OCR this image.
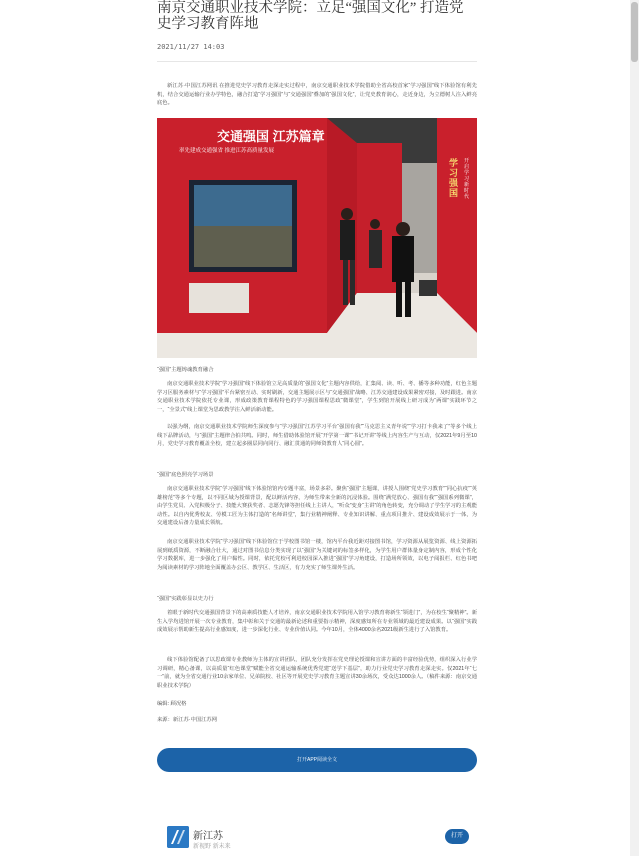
南京交通职业技术学院：立足“强国文化” 打造党史学习教育阵地
2021/11/27 14:03

新江苏·中国江苏网讯 在推进党史学习教育走深走实过程中，南京交通职业技术学院借助全省高校首家“学习强国”线下体验馆有利先机，结合交通运输行业办学特色，融合打造“学习强国”与“交通强国”叠加的“强国文化”，让党史教育润心，走近身边，为立德树人注入鲜亮底色。

交通强国 江苏篇章
率先建成交通强省 推进江苏高质量发展
学习强国
开启学习新时代
“强国”主题铸魂教育融合

南京交通职业技术学院“学习强国”线下体验馆立足高质量的“强国文化”主题内容供给，汇集阅、读、听、考、播等多种功能，红色主题学习区服务素材与“学习强国”平台紧密互动、实时刷新，交通主题展示区与“交通强国”战略、江苏交通建设成果紧密对接，及时跟进。南京交通职业技术学院依托专业课，形成政策教育课程特色的学习强国课程思政“微课堂”，学生到馆开展线上研习成为“两课”实践环节之一，“全景式”线上课堂为思政教学注入鲜活新动能。

以强为纲，南京交通职业技术学院师生深度参与“学习强国”江苏学习平台“强国有我”“马克思主义青年说”“学习打卡我来了”等多个线上线下品牌活动，与“强国”主题律合拍共鸣。同时，师生借助体验馆开展“开学第一课”“书记开讲”等线上内容生产与互动，仅2021年9月至10月，党史学习教育覆盖全校，建立起多圈层同向同行、融汇贯通的同师资教育人“同心圆”。

“强国”底色照亮学习场景

南京交通职业技术学院“学习强国”线下体验馆馆内专题丰富，场景多彩。聚焦“强国”主题课，讲授人围绕“党史学习教育”“同心抗疫”“英雄榜范”等多个专题，以不同区域为授课背景，配以鲜活内容，为师生带来全新的沉浸体验。围绕“满党放心、强国有我”“强国系列微课”，由学生党员、入党积极分子、技能大赛获奖者、志愿先锋等担任线上主讲人，“听众”变身“主讲”的角色转变，充分调动了学生学习的主观能动性。以自内优秀校友、劳模工匠为主体打造的“名师讲堂”，集行业精神阐释、专业知识讲解、重点项目推介、建设成效展示于一体，为交通建设后备力量成长领航。

南京交通职业技术学院“学习强国”线下体验馆位于学校图书馆一楼，馆内平台我近距对接图书馆，学习资源从展览资源、线上资源拓展到纸质资源，不断融合壮大，通过对图书信息分类实现了以“强国”为关键词的标签多样化，为学生用户群体量身定制内容，形成个性化学习数据库，进一步强化了用户黏性。同时，依托党校可利进校园深入推进“强国”学习角建设，打造场所领效，以电子阅报栏、红色书吧为阅读素材的学习阵地全面覆盖办公区、教学区、生活区，有力充实了师生课外生活。

“强国”实践彰显以史力行

着眼于新时代交通强国背景下的高素质技能人才培养，南京交通职业技术学院用入馆学习教育将新生“领进门”，为在校生“聚精神”。新生入学均进馆开展一次专业教育，集中彰和关于交通的最新论述和重要指示精神，深度感知所在专业领域的最近建设成果。以“强国”实践成效展示帮助新生提高行业感知度，进一步深化行业、专业价值认同。今年10月，全体4000余名2021级新生进行了入馆教育。

线下体验馆配备了以思政课专业教师为主体的宣讲团队，团队充分发挥在党史理论授课和宣讲方面的丰富经验优势，组织深入行业学习调研，精心备课，以高质量“红色课堂”赋能全省交通运输系统优秀党建“送学下基层”，助力行业党史学习教育走深走实。仅2021年“七一”前，就为全省交通行业10余家单位、兄弟院校、社区等开展党史学习教育主题宣讲30余场次，受众达1000余人。（稿件来源：南京交通职业技术学院）

编辑: 顾况格
来源：新江苏·中国江苏网
打开APP阅读全文
新江苏
新视野 新未来
打开
